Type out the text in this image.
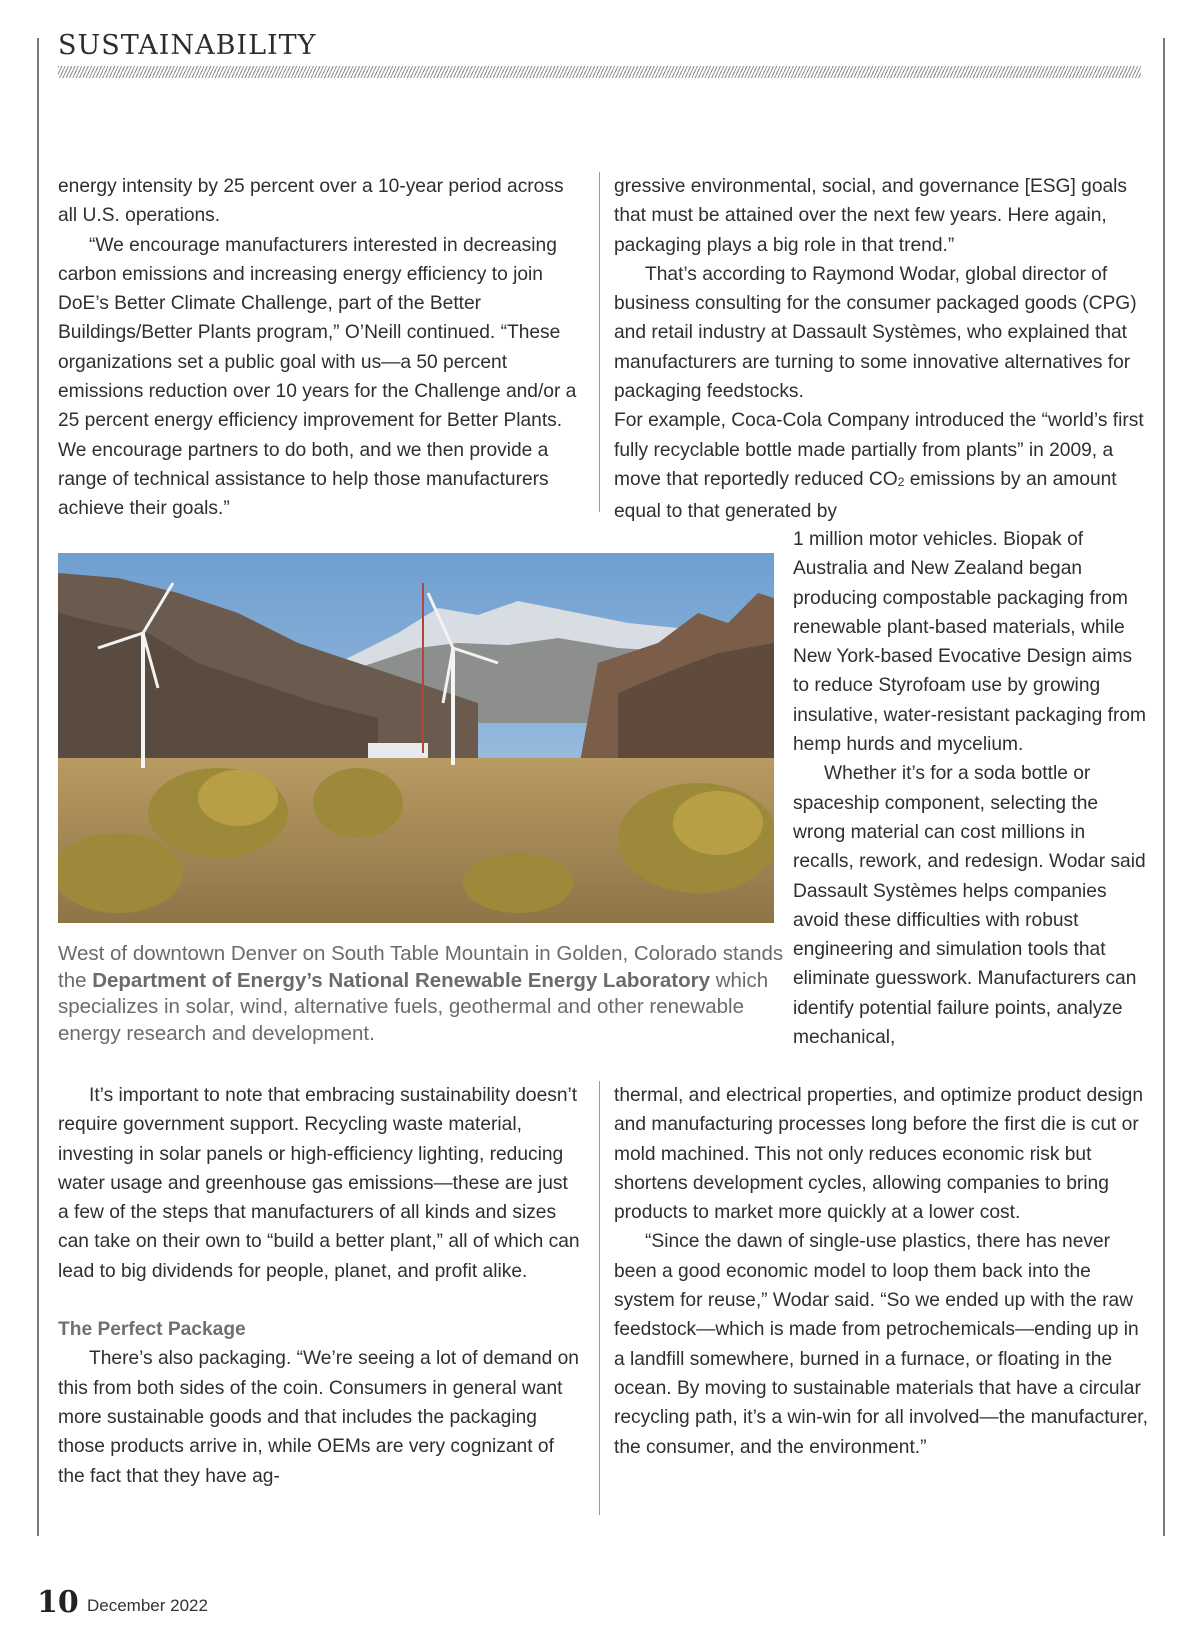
SUSTAINABILITY

energy intensity by 25 percent over a 10-year period across all U.S. operations.

“We encourage manufacturers interested in decreasing carbon emissions and increasing energy efficiency to join DoE’s Better Climate Challenge, part of the Better Buildings/Better Plants program,” O’Neill continued. “These organizations set a public goal with us—a 50 percent emissions reduction over 10 years for the Challenge and/or a 25 percent energy efficiency improvement for Better Plants. We encourage partners to do both, and we then provide a range of technical assistance to help those manufacturers achieve their goals.”

gressive environmental, social, and governance [ESG] goals that must be attained over the next few years. Here again, packaging plays a big role in that trend.”

That’s according to Raymond Wodar, global director of business consulting for the consumer packaged goods (CPG) and retail industry at Dassault Systèmes, who explained that manufacturers are turning to some innovative alternatives for packaging feedstocks.

For example, Coca-Cola Company introduced the “world’s first fully recyclable bottle made partially from plants” in 2009, a move that reportedly reduced $CO_2$ emissions by an amount equal to that generated by

1 million motor vehicles. Biopak of Australia and New Zealand began producing compostable packaging from renewable plant-based materials, while New York-based Evocative Design aims to reduce Styrofoam use by growing insulative, water-resistant packaging from hemp hurds and mycelium.

Whether it’s for a soda bottle or spaceship component, selecting the wrong material can cost millions in recalls, rework, and redesign. Wodar said Dassault Systèmes helps companies avoid these difficulties with robust engineering and simulation tools that eliminate guesswork. Manufacturers can identify potential failure points, analyze mechanical,

West of downtown Denver on South Table Mountain in Golden, Colorado stands the Department of Energy’s National Renewable Energy Laboratory which specializes in solar, wind, alternative fuels, geothermal and other renewable energy research and development.

It’s important to note that embracing sustainability doesn’t require government support. Recycling waste material, investing in solar panels or high-efficiency lighting, reducing water usage and greenhouse gas emissions—these are just a few of the steps that manufacturers of all kinds and sizes can take on their own to “build a better plant,” all of which can lead to big dividends for people, planet, and profit alike.

The Perfect Package

There’s also packaging. “We’re seeing a lot of demand on this from both sides of the coin. Consumers in general want more sustainable goods and that includes the packaging those products arrive in, while OEMs are very cognizant of the fact that they have ag-

thermal, and electrical properties, and optimize product design and manufacturing processes long before the first die is cut or mold machined. This not only reduces economic risk but shortens development cycles, allowing companies to bring products to market more quickly at a lower cost.

“Since the dawn of single-use plastics, there has never been a good economic model to loop them back into the system for reuse,” Wodar said. “So we ended up with the raw feedstock—which is made from petrochemicals—ending up in a landfill somewhere, burned in a furnace, or floating in the ocean. By moving to sustainable materials that have a circular recycling path, it’s a win-win for all involved—the manufacturer, the consumer, and the environment.”

10 December 2022
